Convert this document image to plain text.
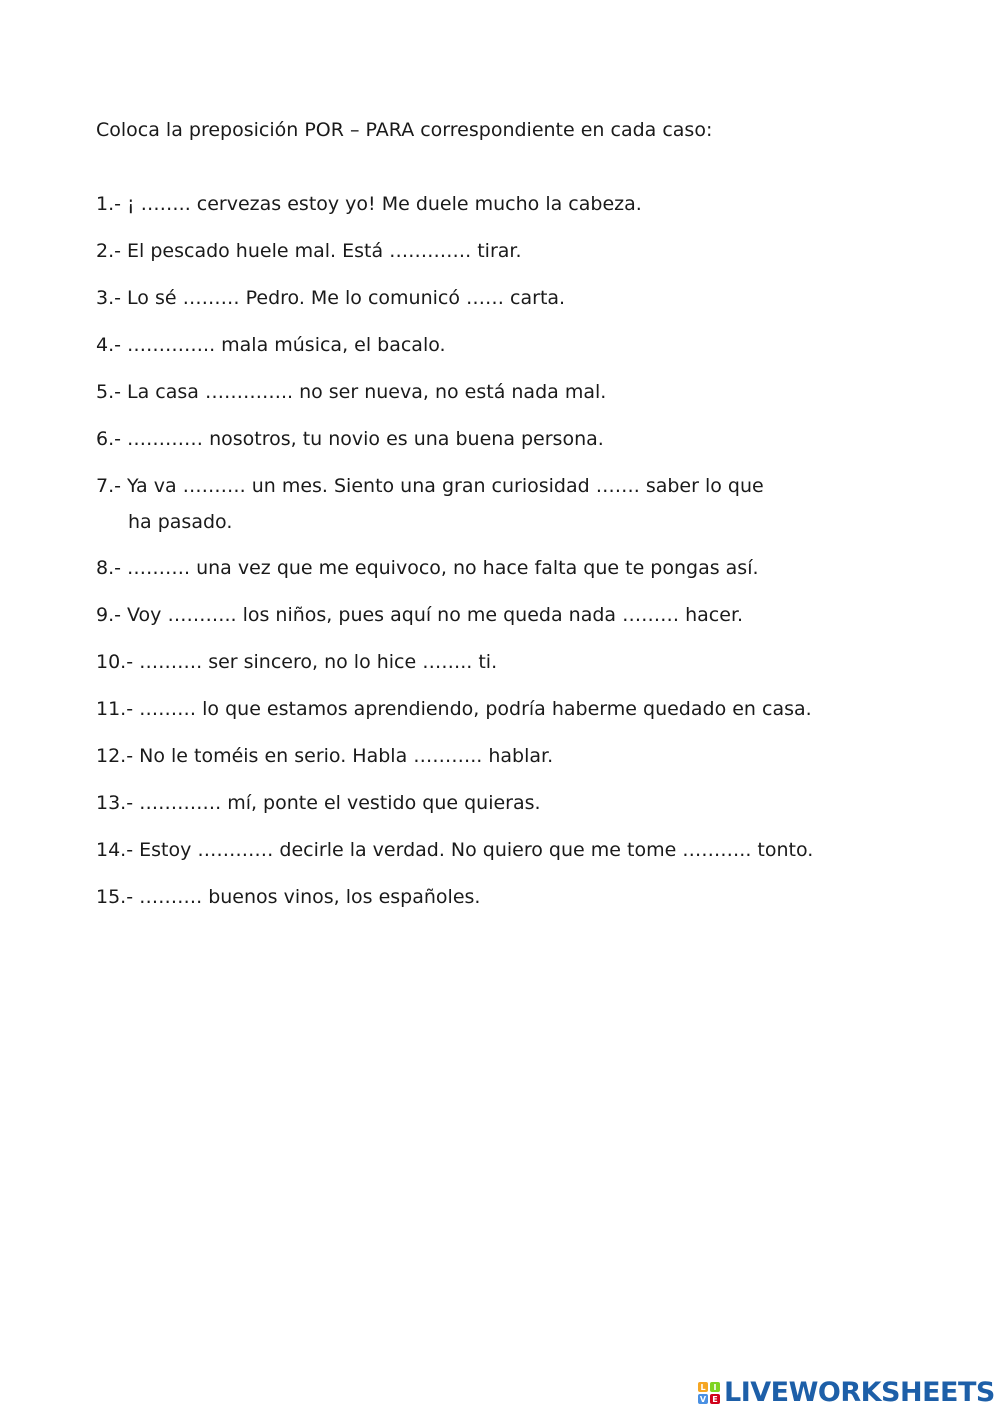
Coloca la preposición POR – PARA correspondiente en cada caso:
1.- ¡ …….. cervezas estoy yo! Me duele mucho la cabeza.
2.- El pescado huele mal. Está …………. tirar.
3.- Lo sé ……… Pedro. Me lo comunicó …… carta.
4.- ………….. mala música, el bacalo.
5.- La casa ………….. no ser nueva, no está nada mal.
6.- ………… nosotros, tu novio es una buena persona.
7.- Ya va ………. un mes. Siento una gran curiosidad ……. saber lo que
ha pasado.
8.- ………. una vez que me equivoco, no hace falta que te pongas así.
9.- Voy ……….. los niños, pues aquí no me queda nada ……… hacer.
10.- ………. ser sincero, no lo hice …….. ti.
11.- ……… lo que estamos aprendiendo, podría haberme quedado en casa.
12.- No le toméis en serio. Habla ……….. hablar.
13.- …………. mí, ponte el vestido que quieras.
14.- Estoy ………… decirle la verdad. No quiero que me tome ……….. tonto.
15.- ………. buenos vinos, los españoles.
L I
V E LIVEWORKSHEETS
